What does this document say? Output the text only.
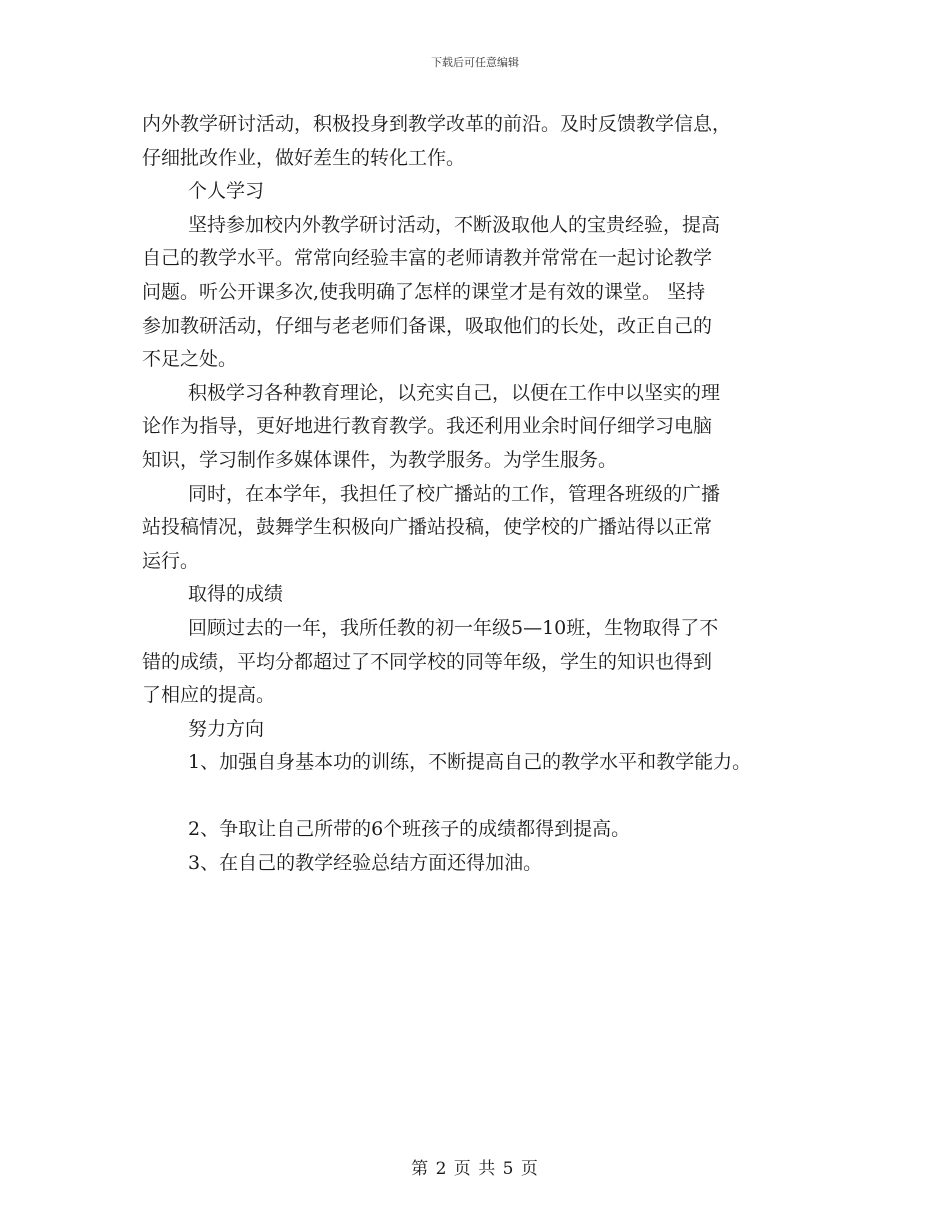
下载后可任意编辑

内外教学研讨活动，积极投身到教学改革的前沿。及时反馈教学信息，

仔细批改作业，做好差生的转化工作。

个人学习

坚持参加校内外教学研讨活动，不断汲取他人的宝贵经验，提高

自己的教学水平。常常向经验丰富的老师请教并常常在一起讨论教学

问题。听公开课多次,使我明确了怎样的课堂才是有效的课堂。 坚持

参加教研活动，仔细与老老师们备课，吸取他们的长处，改正自己的

不足之处。

积极学习各种教育理论，以充实自己，以便在工作中以坚实的理

论作为指导，更好地进行教育教学。我还利用业余时间仔细学习电脑

知识，学习制作多媒体课件，为教学服务。为学生服务。

同时，在本学年，我担任了校广播站的工作，管理各班级的广播

站投稿情况，鼓舞学生积极向广播站投稿，使学校的广播站得以正常

运行。

取得的成绩

回顾过去的一年，我所任教的初一年级5—10班，生物取得了不

错的成绩，平均分都超过了不同学校的同等年级，学生的知识也得到

了相应的提高。

努力方向

1、加强自身基本功的训练，不断提高自己的教学水平和教学能力。

2、争取让自己所带的6个班孩子的成绩都得到提高。

3、在自己的教学经验总结方面还得加油。

第 2 页 共 5 页
